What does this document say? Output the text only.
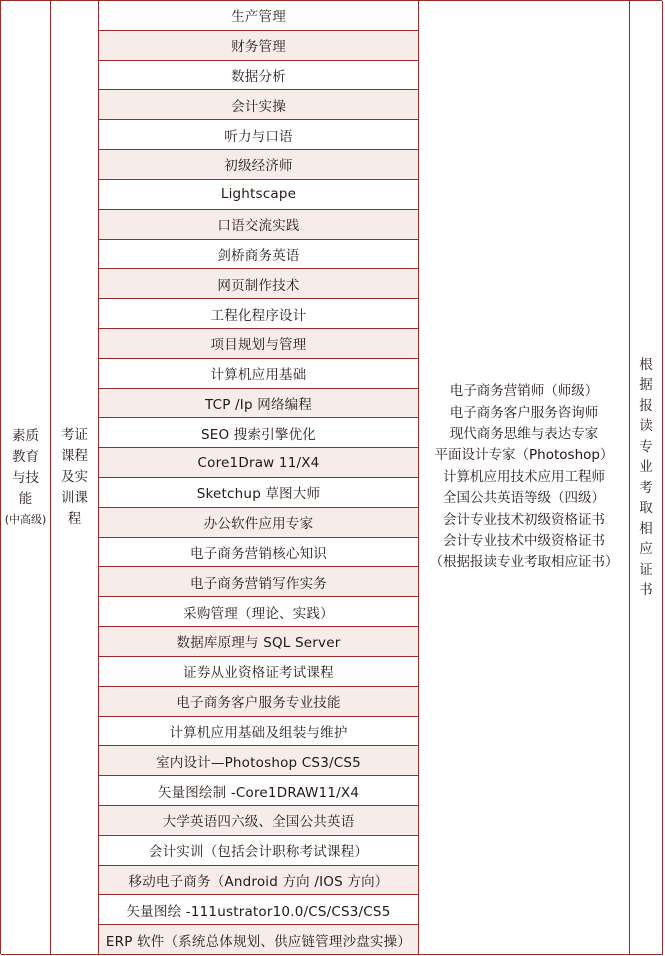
素质
教育
与技
能
(中高级)
考证
课程
及实
训课
程
生产管理
财务管理
数据分析
会计实操
听力与口语
初级经济师
Lightscape
口语交流实践
剑桥商务英语
网页制作技术
工程化程序设计
项目规划与管理
计算机应用基础
TCP /Ip 网络编程
SEO 搜索引擎优化
Core1Draw 11/X4
Sketchup 草图大师
办公软件应用专家
电子商务营销核心知识
电子商务营销写作实务
采购管理（理论、实践）
数据库原理与 SQL Server
证券从业资格证考试课程
电子商务客户服务专业技能
计算机应用基础及组装与维护
室内设计—Photoshop CS3/CS5
矢量图绘制 -Core1DRAW11/X4
大学英语四六级、全国公共英语
会计实训（包括会计职称考试课程）
移动电子商务（Android 方向 /IOS 方向）
矢量图绘 -111ustrator10.0/CS/CS3/CS5
ERP 软件（系统总体规划、供应链管理沙盘实操）
电子商务营销师（师级）
电子商务客户服务咨询师
现代商务思维与表达专家
平面设计专家（Photoshop）
计算机应用技术应用工程师
全国公共英语等级（四级）
会计专业技术初级资格证书
会计专业技术中级资格证书
（根据报读专业考取相应证书）
根
据
报
读
专
业
考
取
相
应
证
书
